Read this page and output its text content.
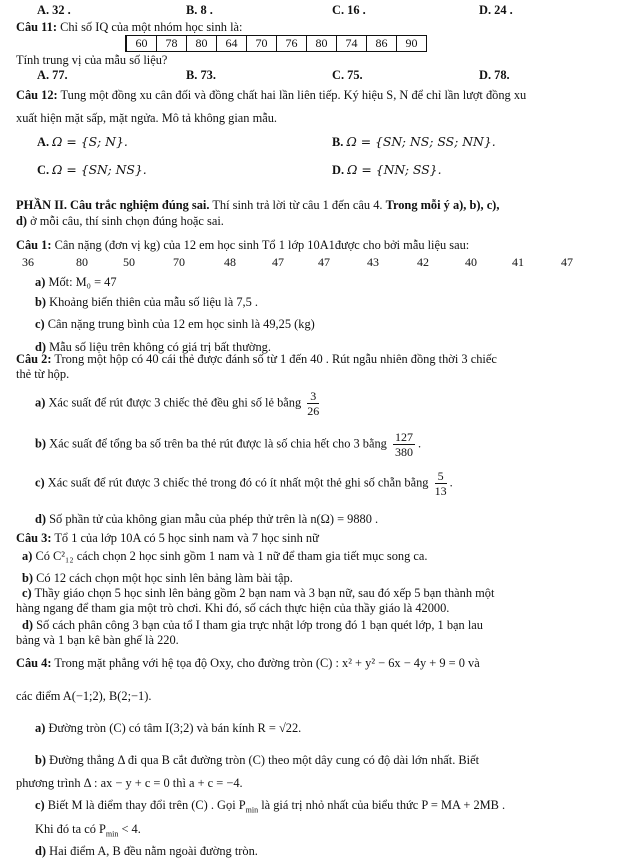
A. 32 .	B. 8 .	C. 16 .	D. 24 .
Câu 11: Chỉ số IQ của một nhóm học sinh là:
60	78	80	64	70	76	80	74	86	90
Tính trung vị của mẫu số liệu?
A. 77.	B. 73.	C. 75.	D. 78.
Câu 12: Tung một đồng xu cân đối và đồng chất hai lần liên tiếp. Ký hiệu S, N để chỉ lần lượt đồng xu
xuất hiện mặt sấp, mặt ngửa. Mô tả không gian mẫu.
A. Ω = {S; N}.	B. Ω = {SN; NS; SS; NN}.
C. Ω = {SN; NS}.	D. Ω = {NN; SS}.
PHẦN II. Câu trắc nghiệm đúng sai. Thí sinh trả lời từ câu 1 đến câu 4. Trong mỗi ý a), b), c),
d) ở mỗi câu, thí sinh chọn đúng hoặc sai.
Câu 1: Cân nặng (đơn vị kg) của 12 em học sinh Tổ 1 lớp 10A1được cho bởi mẫu liệu sau:
36	80	50	70	48	47	47	43	42	40	41	47
a) Mốt: M₀ = 47
b) Khoảng biến thiên của mẫu số liệu là 7,5 .
c) Cân nặng trung bình của 12 em học sinh là 49,25 (kg)
d) Mẫu số liệu trên không có giá trị bất thường.
Câu 2: Trong một hộp có 40 cái thẻ được đánh số từ 1 đến 40 . Rút ngẫu nhiên đồng thời 3 chiếc
thẻ từ hộp.
a) Xác suất để rút được 3 chiếc thẻ đều ghi số lẻ bằng $\frac{3}{26}$
b) Xác suất để tổng ba số trên ba thẻ rút được là số chia hết cho 3 bằng $\frac{127}{380}$ .
c) Xác suất để rút được 3 chiếc thẻ trong đó có ít nhất một thẻ ghi số chẵn bằng $\frac{5}{13}$ .
d) Số phần tử của không gian mẫu của phép thử trên là n(Ω) = 9880 .
Câu 3: Tổ 1 của lớp 10A có 5 học sinh nam và 7 học sinh nữ
a) Có C²₁₂ cách chọn 2 học sinh gồm 1 nam và 1 nữ để tham gia tiết mục song ca.
b) Có 12 cách chọn một học sinh lên bảng làm bài tập.
c) Thầy giáo chọn 5 học sinh lên bảng gồm 2 bạn nam và 3 bạn nữ, sau đó xếp 5 bạn thành một
hàng ngang để tham gia một trò chơi. Khi đó, số cách thực hiện của thầy giáo là 42000.
d) Số cách phân công 3 bạn của tổ I tham gia trực nhật lớp trong đó 1 bạn quét lớp, 1 bạn lau
bảng và 1 bạn kê bàn ghế là 220.
Câu 4: Trong mặt phẳng với hệ tọa độ Oxy, cho đường tròn (C) : x² + y² − 6x − 4y + 9 = 0 và
các điểm A(−1;2), B(2;−1).
a) Đường tròn (C) có tâm I(3;2) và bán kính R = √22.
b) Đường thẳng Δ đi qua B cắt đường tròn (C) theo một dây cung có độ dài lớn nhất. Biết
phương trình Δ : ax − y + c = 0 thì a + c = −4.
c) Biết M là điểm thay đổi trên (C) . Gọi $P_{min}$ là giá trị nhỏ nhất của biểu thức P = MA + 2MB .
Khi đó ta có $P_{min} < 4$.
d) Hai điểm A, B đều nằm ngoài đường tròn.
